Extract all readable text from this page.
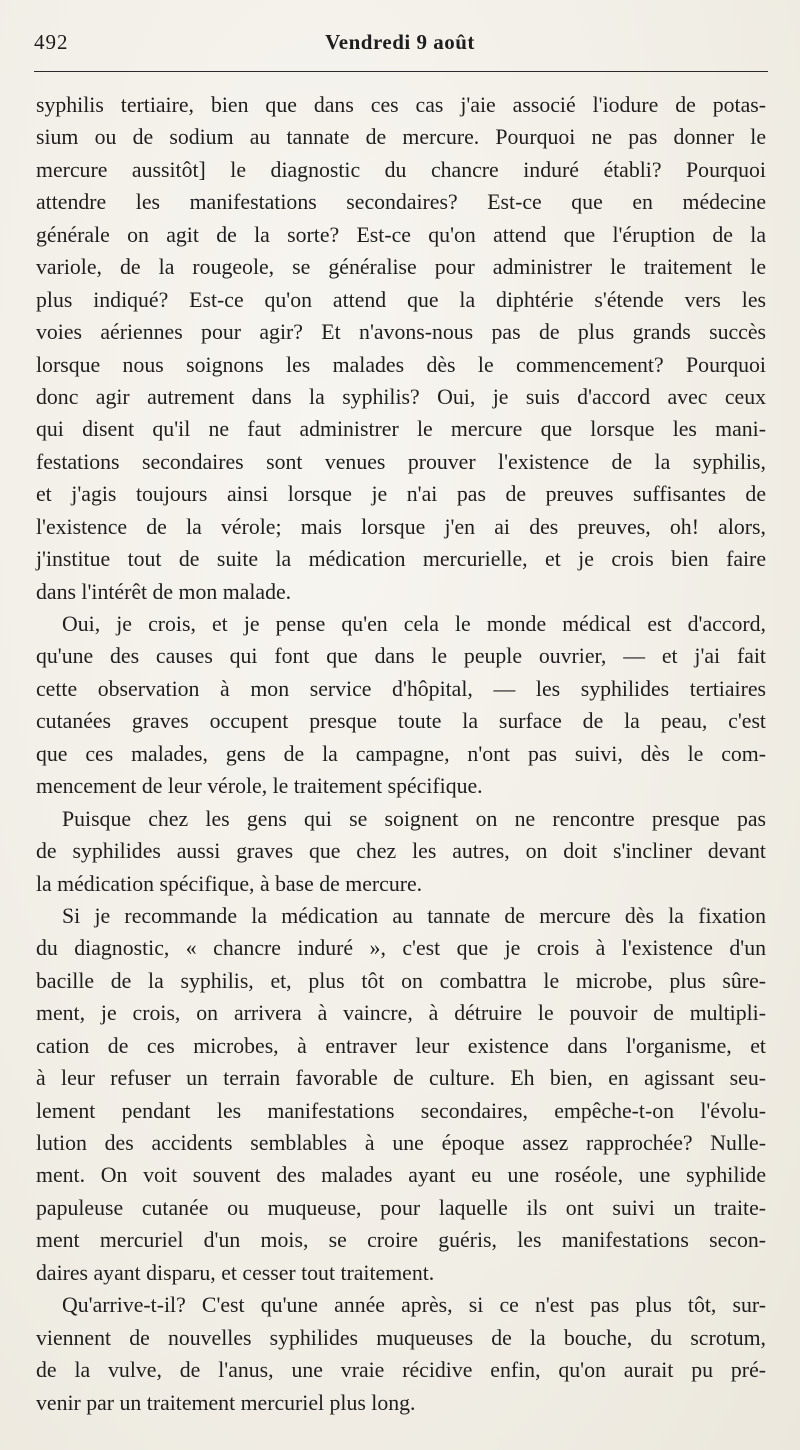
492	Vendredi 9 août
syphilis tertiaire, bien que dans ces cas j'aie associé l'iodure de potas-
sium ou de sodium au tannate de mercure. Pourquoi ne pas donner le
mercure aussitôt] le diagnostic du chancre induré établi? Pourquoi
attendre les manifestations secondaires? Est-ce que en médecine
générale on agit de la sorte? Est-ce qu'on attend que l'éruption de la
variole, de la rougeole, se généralise pour administrer le traitement le
plus indiqué? Est-ce qu'on attend que la diphtérie s'étende vers les
voies aériennes pour agir? Et n'avons-nous pas de plus grands succès
lorsque nous soignons les malades dès le commencement? Pourquoi
donc agir autrement dans la syphilis? Oui, je suis d'accord avec ceux
qui disent qu'il ne faut administrer le mercure que lorsque les mani-
festations secondaires sont venues prouver l'existence de la syphilis,
et j'agis toujours ainsi lorsque je n'ai pas de preuves suffisantes de
l'existence de la vérole; mais lorsque j'en ai des preuves, oh! alors,
j'institue tout de suite la médication mercurielle, et je crois bien faire
dans l'intérêt de mon malade.
Oui, je crois, et je pense qu'en cela le monde médical est d'accord,
qu'une des causes qui font que dans le peuple ouvrier, — et j'ai fait
cette observation à mon service d'hôpital, — les syphilides tertiaires
cutanées graves occupent presque toute la surface de la peau, c'est
que ces malades, gens de la campagne, n'ont pas suivi, dès le com-
mencement de leur vérole, le traitement spécifique.
Puisque chez les gens qui se soignent on ne rencontre presque pas
de syphilides aussi graves que chez les autres, on doit s'incliner devant
la médication spécifique, à base de mercure.
Si je recommande la médication au tannate de mercure dès la fixation
du diagnostic, « chancre induré », c'est que je crois à l'existence d'un
bacille de la syphilis, et, plus tôt on combattra le microbe, plus sûre-
ment, je crois, on arrivera à vaincre, à détruire le pouvoir de multipli-
cation de ces microbes, à entraver leur existence dans l'organisme, et
à leur refuser un terrain favorable de culture. Eh bien, en agissant seu-
lement pendant les manifestations secondaires, empêche-t-on l'évolu-
lution des accidents semblables à une époque assez rapprochée? Nulle-
ment. On voit souvent des malades ayant eu une roséole, une syphilide
papuleuse cutanée ou muqueuse, pour laquelle ils ont suivi un traite-
ment mercuriel d'un mois, se croire guéris, les manifestations secon-
daires ayant disparu, et cesser tout traitement.
Qu'arrive-t-il? C'est qu'une année après, si ce n'est pas plus tôt, sur-
viennent de nouvelles syphilides muqueuses de la bouche, du scrotum,
de la vulve, de l'anus, une vraie récidive enfin, qu'on aurait pu pré-
venir par un traitement mercuriel plus long.
